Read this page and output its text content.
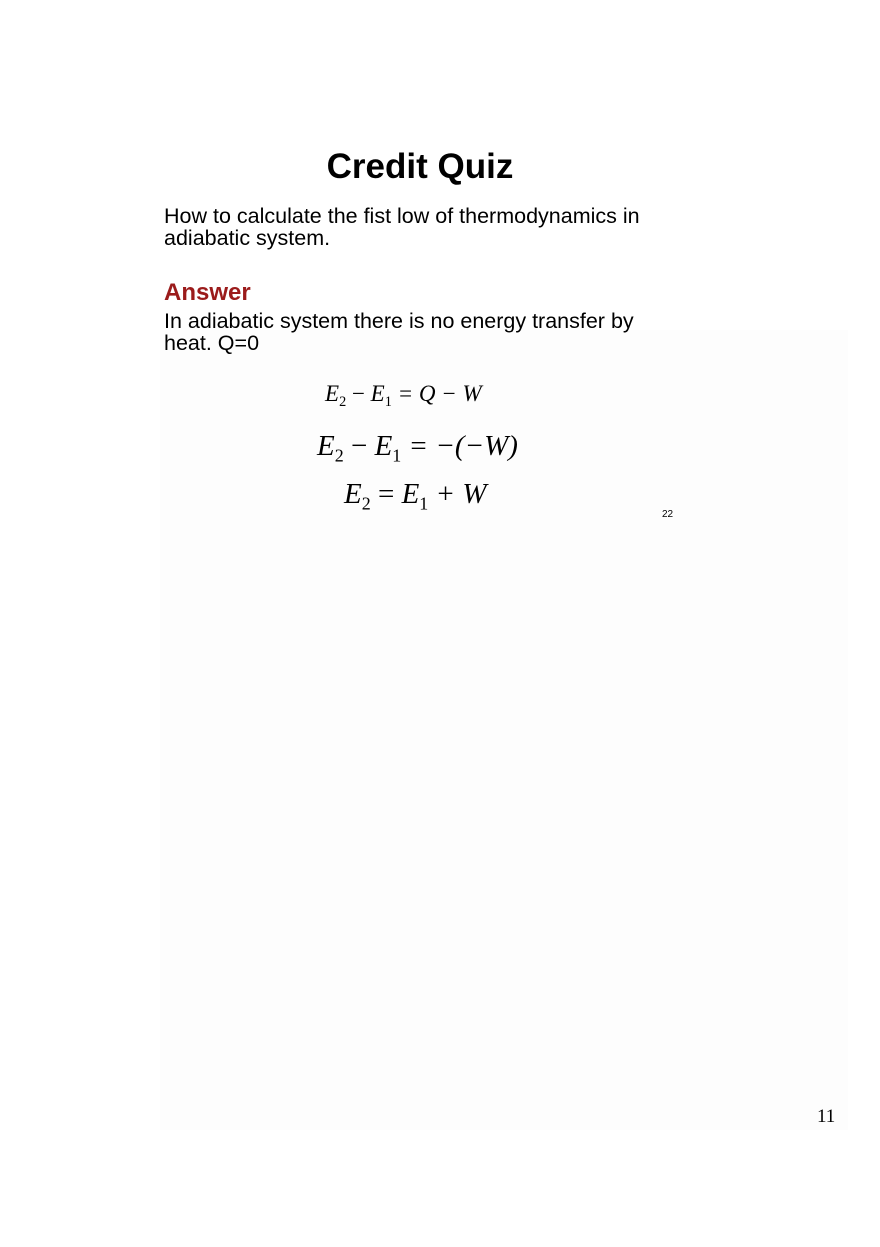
Credit Quiz
How to calculate the fist low of thermodynamics in adiabatic system.
Answer
In adiabatic system there is no energy transfer by heat. Q=0
$E_2 - E_1 = Q - W$
$E_2 - E_1 = -(-W)$
$E_2 = E_1 + W$
22
11
